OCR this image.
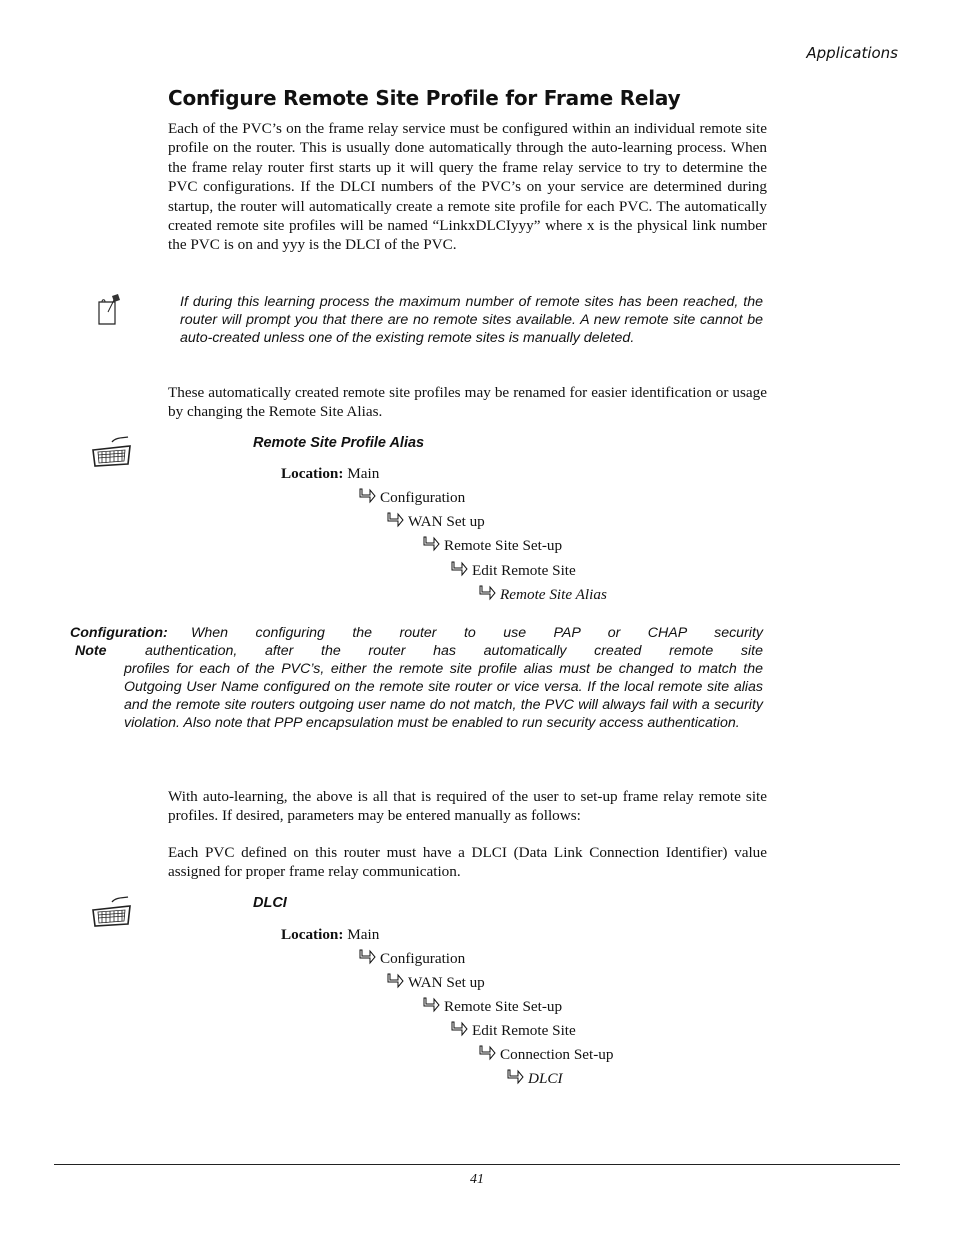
Applications
Configure Remote Site Profile for Frame Relay
Each of the PVC’s on the frame relay service must be configured within an individual remote site profile on the router. This is usually done automatically through the auto-learning process. When the frame relay router first starts up it will query the frame relay service to try to determine the PVC configurations. If the DLCI numbers of the PVC’s on your service are determined during startup, the router will automatically create a remote site profile for each PVC. The automatically created remote site profiles will be named “LinkxDLCIyyy” where x is the physical link number the PVC is on and yyy is the DLCI of the PVC.
If during this learning process the maximum number of remote sites has been reached, the router will prompt you that there are no remote sites available. A new remote site cannot be auto-created unless one of the existing remote sites is manually deleted.
These automatically created remote site profiles may be renamed for easier identification or usage by changing the Remote Site Alias.
Remote Site Profile Alias
Location: Main
Configuration
WAN Set up
Remote Site Set-up
Edit Remote Site
Remote Site Alias
Configuration:	When configuring the router to use PAP or CHAP security
Note	authentication, after the router has automatically created remote site
profiles for each of the PVC’s, either the remote site profile alias must be changed to match the Outgoing User Name configured on the remote site router or vice versa. If the local remote site alias and the remote site routers outgoing user name do not match, the PVC will always fail with a security violation. Also note that PPP encapsulation must be enabled to run security access authentication.
With auto-learning, the above is all that is required of the user to set-up frame relay remote site profiles. If desired, parameters may be entered manually as follows:
Each PVC defined on this router must have a DLCI (Data Link Connection Identifier) value assigned for proper frame relay communication.
DLCI
Location: Main
Configuration
WAN Set up
Remote Site Set-up
Edit Remote Site
Connection Set-up
DLCI
41
